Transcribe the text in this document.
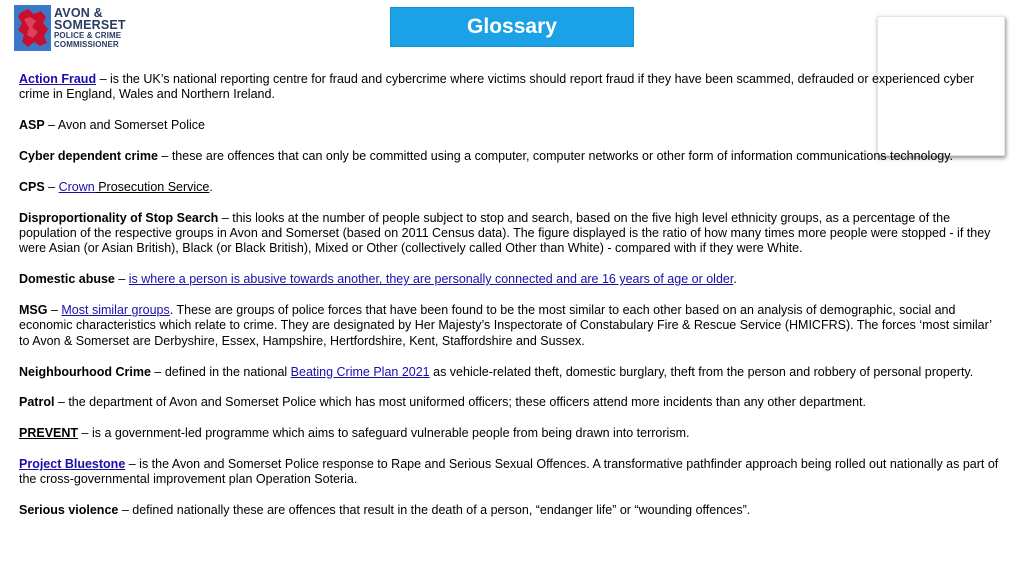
AVON &
SOMERSET
POLICE & CRIME
COMMISSIONER
Glossary

Action Fraud – is the UK’s national reporting centre for fraud and cybercrime where victims should report fraud if they have been scammed, defrauded or experienced cyber crime in England, Wales and Northern Ireland.

ASP – Avon and Somerset Police

Cyber dependent crime – these are offences that can only be committed using a computer, computer networks or other form of information communications technology.

CPS – Crown Prosecution Service.

Disproportionality of Stop Search – this looks at the number of people subject to stop and search, based on the five high level ethnicity groups, as a percentage of the population of the respective groups in Avon and Somerset (based on 2011 Census data). The figure displayed is the ratio of how many times more people were stopped - if they were Asian (or Asian British), Black (or Black British), Mixed or Other (collectively called Other than White) - compared with if they were White.

Domestic abuse – is where a person is abusive towards another, they are personally connected and are 16 years of age or older.

MSG – Most similar groups. These are groups of police forces that have been found to be the most similar to each other based on an analysis of demographic, social and economic characteristics which relate to crime. They are designated by Her Majesty’s Inspectorate of Constabulary Fire & Rescue Service (HMICFRS). The forces ‘most similar’ to Avon & Somerset are Derbyshire, Essex, Hampshire, Hertfordshire, Kent, Staffordshire and Sussex.

Neighbourhood Crime – defined in the national Beating Crime Plan 2021 as vehicle-related theft, domestic burglary, theft from the person and robbery of personal property.

Patrol – the department of Avon and Somerset Police which has most uniformed officers; these officers attend more incidents than any other department.

PREVENT – is a government-led programme which aims to safeguard vulnerable people from being drawn into terrorism.

Project Bluestone – is the Avon and Somerset Police response to Rape and Serious Sexual Offences. A transformative pathfinder approach being rolled out nationally as part of the cross-governmental improvement plan Operation Soteria.

Serious violence – defined nationally these are offences that result in the death of a person, “endanger life” or “wounding offences”.
